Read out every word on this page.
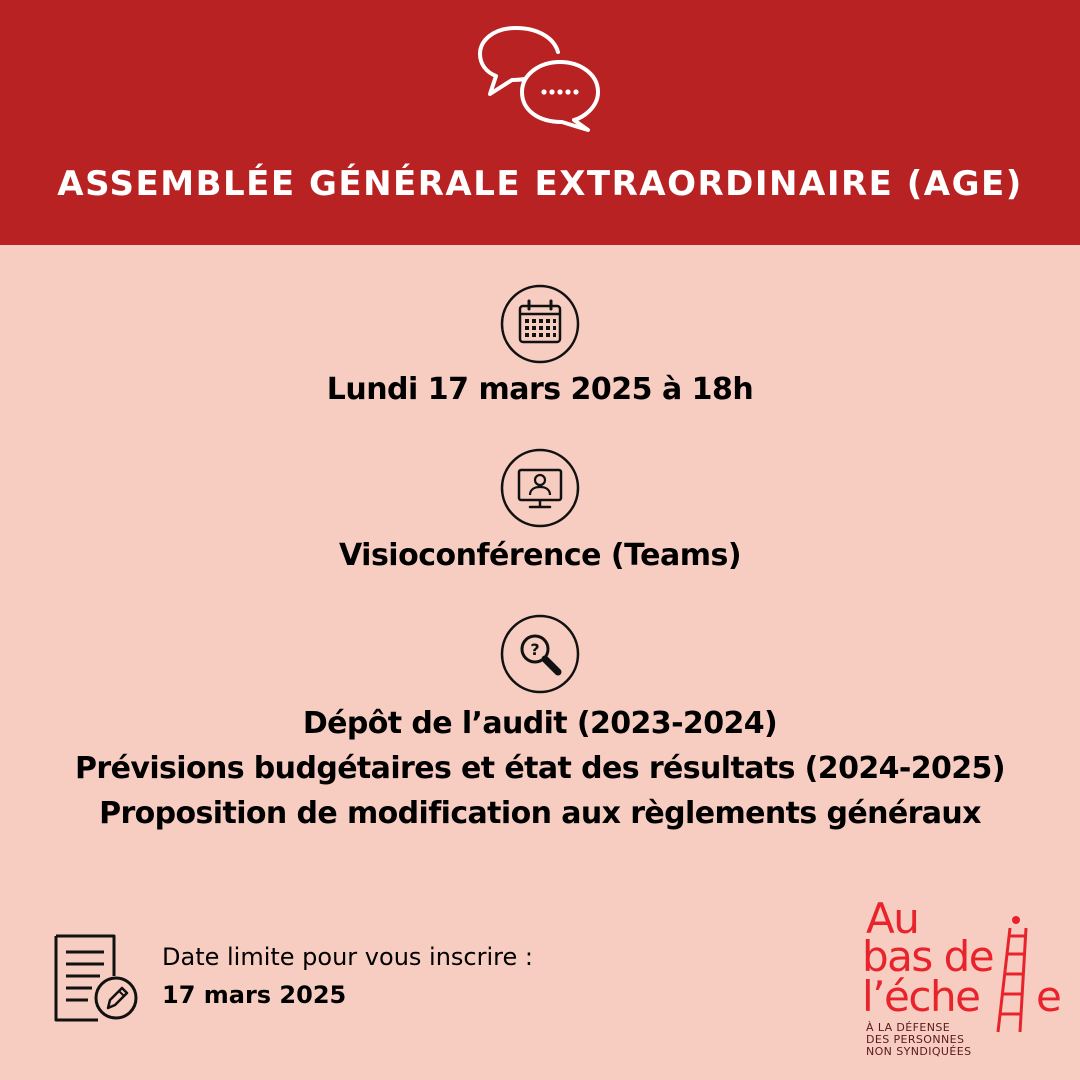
ASSEMBLÉE GÉNÉRALE EXTRAORDINAIRE (AGE)
Lundi 17 mars 2025 à 18h
Visioconférence (Teams)
?
Dépôt de l’audit (2023-2024)
Prévisions budgétaires et état des résultats (2024-2025)
Proposition de modification aux règlements généraux
Date limite pour vous inscrire :
17 mars 2025
Au
bas de
l’éche e
À LA DÉFENSE
DES PERSONNES
NON SYNDIQUÉES
